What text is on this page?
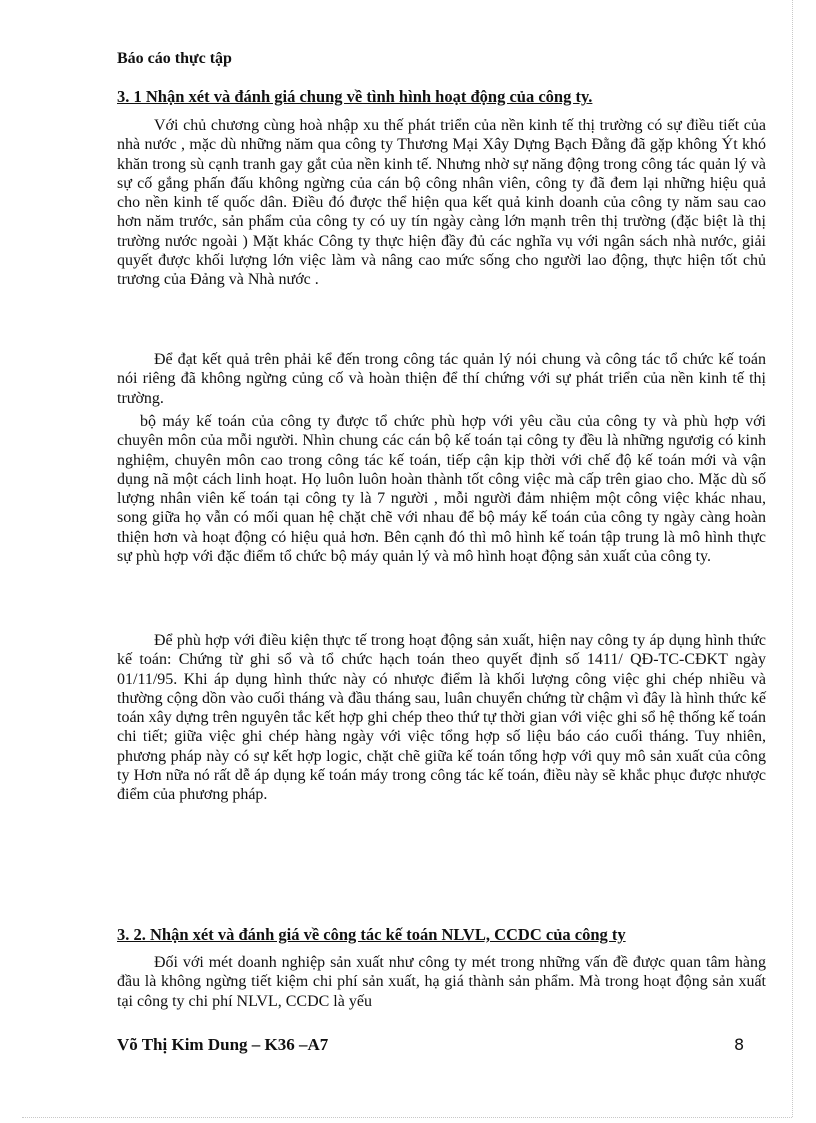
Báo cáo thực tập
3. 1 Nhận xét và đánh giá chung về tình hình hoạt động của công ty.

Với chủ chương cùng hoà nhập xu thế phát triển của nền kinh tế thị trường có sự điều tiết của nhà nước , mặc dù những năm qua công ty Thương Mại Xây Dựng Bạch Đằng đã gặp không Ýt khó khăn trong sù cạnh tranh gay gắt của nền kinh tế. Nhưng nhờ sự năng động trong công tác quản lý và sự cố gắng phấn đấu không ngừng của cán bộ công nhân viên, công ty đã đem lại những hiệu quả cho nền kinh tế quốc dân. Điều đó được thể hiện qua kết quả kinh doanh của công ty năm sau cao hơn năm trước, sản phẩm của công ty có uy tín ngày càng lớn mạnh trên thị trường (đặc biệt là thị trường nước ngoài ) Mặt khác Công ty thực hiện đầy đủ các nghĩa vụ với ngân sách nhà nước, giải quyết được khối lượng lớn việc làm và nâng cao mức sống cho người lao động, thực hiện tốt chủ trương của Đảng và Nhà nước .

Để đạt kết quả trên phải kể đến trong công tác quản lý nói chung và công tác tổ chức kế toán nói riêng đã không ngừng củng cố và hoàn thiện để thí chứng với sự phát triển của nền kinh tế thị trường.

bộ máy kế toán của công ty được tổ chức phù hợp với yêu cầu của công ty và phù hợp với chuyên môn của mỗi người. Nhìn chung các cán bộ kế toán tại công ty đều là những ngươig có kinh nghiệm, chuyên môn cao trong công tác kế toán, tiếp cận kịp thời với chế độ kế toán mới và vận dụng nã một cách linh hoạt. Họ luôn luôn hoàn thành tốt công việc mà cấp trên giao cho. Mặc dù số lượng nhân viên kế toán tại công ty là 7 người , mỗi người đảm nhiệm một công việc khác nhau, song giữa họ vẫn có mối quan hệ chặt chẽ với nhau để bộ máy kế toán của công ty ngày càng hoàn thiện hơn và hoạt động có hiệu quả hơn. Bên cạnh đó thì mô hình kế toán tập trung là mô hình thực sự phù hợp với đặc điểm tổ chức bộ máy quản lý và mô hình hoạt động sản xuất của công ty.

Để phù hợp với điều kiện thực tế trong hoạt động sản xuất, hiện nay công ty áp dụng hình thức kế toán: Chứng từ ghi sổ và tổ chức hạch toán theo quyết định số 1411/ QĐ-TC-CĐKT ngày 01/11/95. Khi áp dụng hình thức này có nhược điểm là khối lượng công việc ghi chép nhiều và thường cộng dồn vào cuối tháng và đầu tháng sau, luân chuyển chứng từ chậm vì đây là hình thức kế toán xây dựng trên nguyên tắc kết hợp ghi chép theo thứ tự thời gian với việc ghi sổ hệ thống kế toán chi tiết; giữa việc ghi chép hàng ngày với việc tổng hợp số liệu báo cáo cuối tháng. Tuy nhiên, phương pháp này có sự kết hợp logic, chặt chẽ giữa kế toán tổng hợp với quy mô sản xuất của công ty Hơn nữa nó rất dễ áp dụng kế toán máy trong công tác kế toán, điều này sẽ khắc phục được nhược điểm của phương pháp.

3. 2. Nhận xét và đánh giá về công tác kế toán NLVL, CCDC của công ty

Đối với mét doanh nghiệp sản xuất như công ty mét trong những vấn đề được quan tâm hàng đầu là không ngừng tiết kiệm chi phí sản xuất, hạ giá thành sản phẩm. Mà trong hoạt động sản xuất tại công ty chi phí NLVL, CCDC là yếu

Võ Thị Kim Dung – K36 –A7	8
